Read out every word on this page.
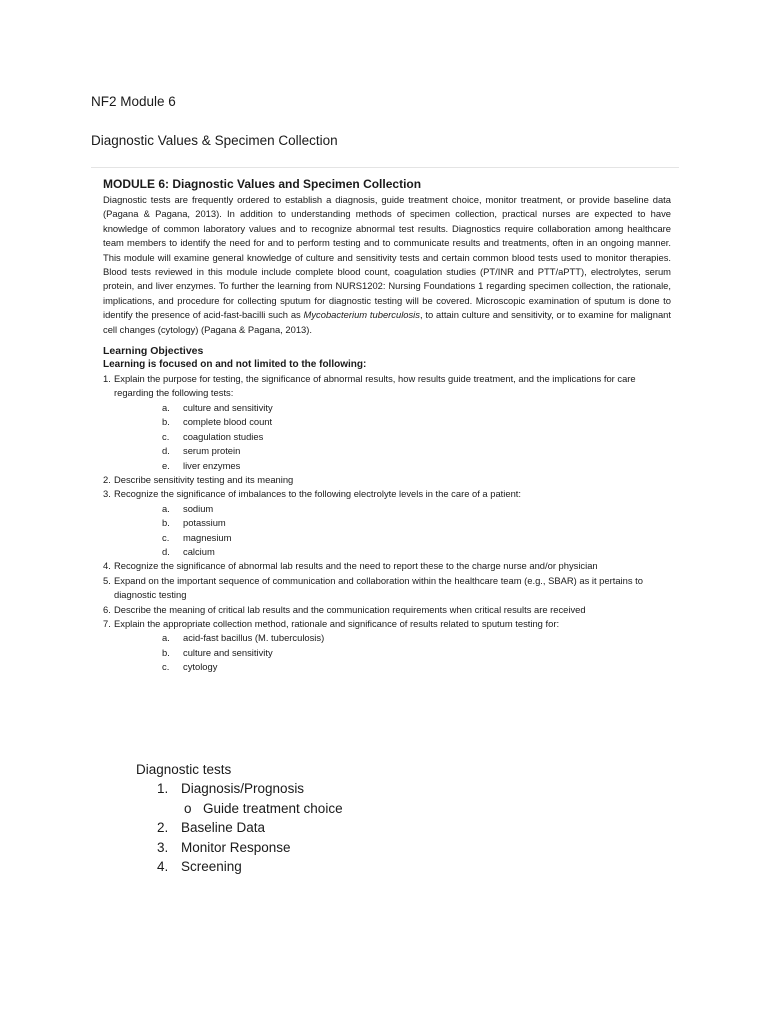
NF2 Module 6
Diagnostic Values & Specimen Collection
MODULE 6: Diagnostic Values and Specimen Collection

Diagnostic tests are frequently ordered to establish a diagnosis, guide treatment choice, monitor treatment, or provide baseline data (Pagana & Pagana, 2013). In addition to understanding methods of specimen collection, practical nurses are expected to have knowledge of common laboratory values and to recognize abnormal test results. Diagnostics require collaboration among healthcare team members to identify the need for and to perform testing and to communicate results and treatments, often in an ongoing manner. This module will examine general knowledge of culture and sensitivity tests and certain common blood tests used to monitor therapies. Blood tests reviewed in this module include complete blood count, coagulation studies (PT/INR and PTT/aPTT), electrolytes, serum protein, and liver enzymes. To further the learning from NURS1202: Nursing Foundations 1 regarding specimen collection, the rationale, implications, and procedure for collecting sputum for diagnostic testing will be covered. Microscopic examination of sputum is done to identify the presence of acid-fast-bacilli such as Mycobacterium tuberculosis, to attain culture and sensitivity, or to examine for malignant cell changes (cytology) (Pagana & Pagana, 2013).

Learning Objectives
Learning is focused on and not limited to the following:
1. Explain the purpose for testing, the significance of abnormal results, how results guide treatment, and the implications for care regarding the following tests:
a. culture and sensitivity
b. complete blood count
c. coagulation studies
d. serum protein
e. liver enzymes
2. Describe sensitivity testing and its meaning
3. Recognize the significance of imbalances to the following electrolyte levels in the care of a patient:
a. sodium
b. potassium
c. magnesium
d. calcium
4. Recognize the significance of abnormal lab results and the need to report these to the charge nurse and/or physician
5. Expand on the important sequence of communication and collaboration within the healthcare team (e.g., SBAR) as it pertains to diagnostic testing
6. Describe the meaning of critical lab results and the communication requirements when critical results are received
7. Explain the appropriate collection method, rationale and significance of results related to sputum testing for:
a. acid-fast bacillus (M. tuberculosis)
b. culture and sensitivity
c. cytology
Diagnostic tests
1. Diagnosis/Prognosis
o Guide treatment choice
2. Baseline Data
3. Monitor Response
4. Screening
